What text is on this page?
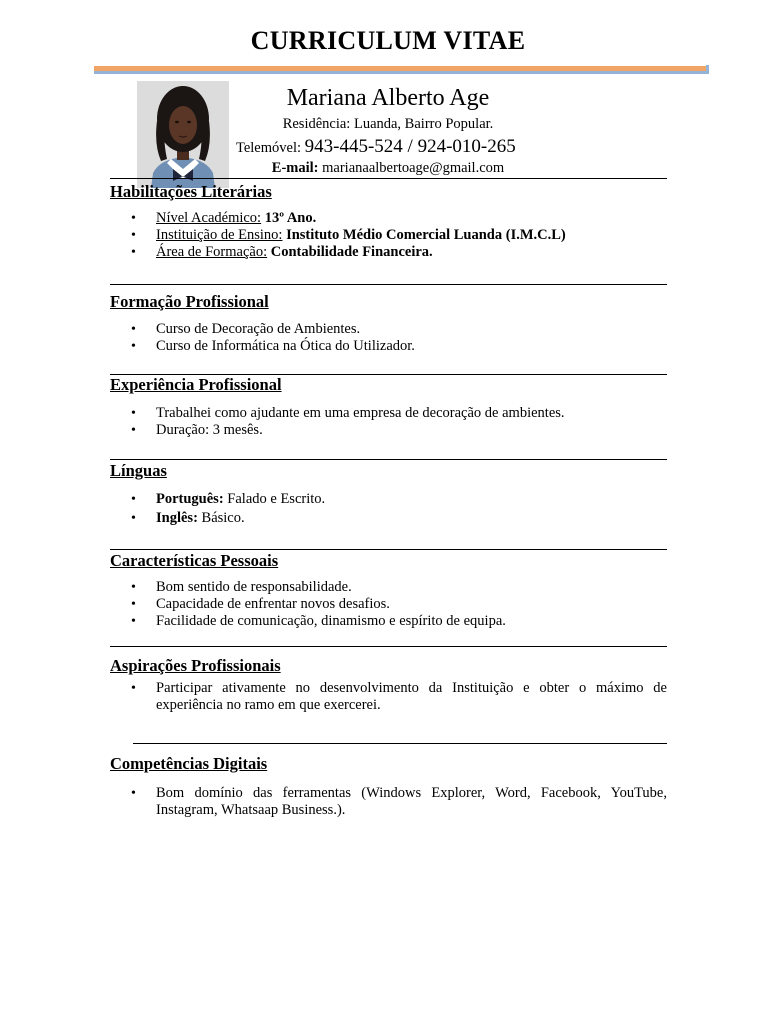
CURRICULUM VITAE
Mariana Alberto Age
Residência: Luanda, Bairro Popular.
Telemóvel: 943-445-524 / 924-010-265
E-mail: marianaalbertoage@gmail.com
Habilitações Literárias
• Nível Académico: 13º Ano.
• Instituição de Ensino: Instituto Médio Comercial Luanda (I.M.C.L)
• Área de Formação: Contabilidade Financeira.
Formação Profissional
• Curso de Decoração de Ambientes.
• Curso de Informática na Ótica do Utilizador.
Experiência Profissional
• Trabalhei como ajudante em uma empresa de decoração de ambientes.
• Duração: 3 mesês.
Línguas
• Português: Falado e Escrito.
• Inglês: Básico.
Características Pessoais
• Bom sentido de responsabilidade.
• Capacidade de enfrentar novos desafios.
• Facilidade de comunicação, dinamismo e espírito de equipa.
Aspirações Profissionais
• Participar ativamente no desenvolvimento da Instituição e obter o máximo de experiência no ramo em que exercerei.
Competências Digitais
• Bom domínio das ferramentas (Windows Explorer, Word, Facebook, YouTube, Instagram, Whatsaap Business.).
